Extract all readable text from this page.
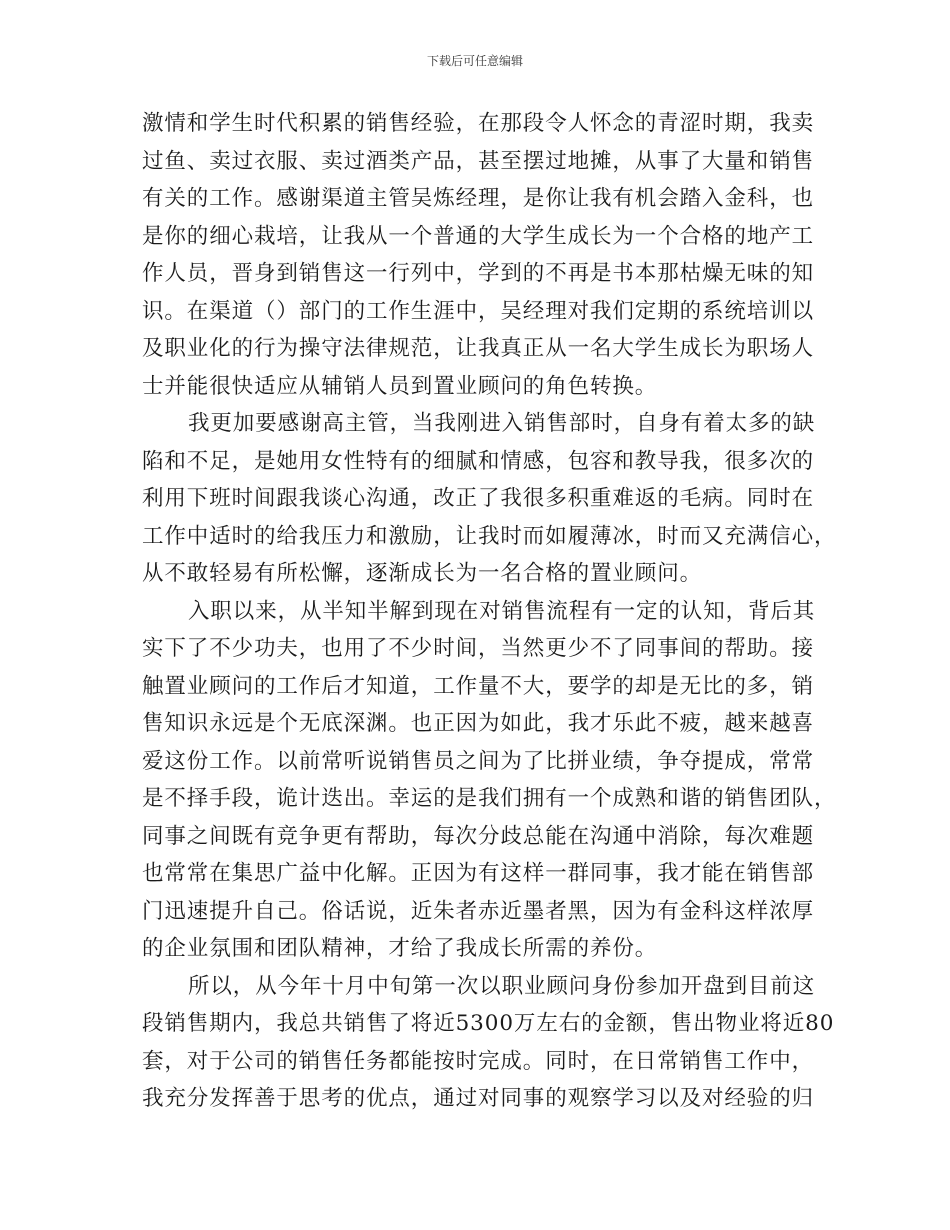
下载后可任意编辑
激情和学生时代积累的销售经验，在那段令人怀念的青涩时期，我卖
过鱼、卖过衣服、卖过酒类产品，甚至摆过地摊，从事了大量和销售
有关的工作。感谢渠道主管吴炼经理，是你让我有机会踏入金科，也
是你的细心栽培，让我从一个普通的大学生成长为一个合格的地产工
作人员，晋身到销售这一行列中，学到的不再是书本那枯燥无味的知
识。在渠道（）部门的工作生涯中，吴经理对我们定期的系统培训以
及职业化的行为操守法律规范，让我真正从一名大学生成长为职场人
士并能很快适应从辅销人员到置业顾问的角色转换。
我更加要感谢高主管，当我刚进入销售部时，自身有着太多的缺
陷和不足，是她用女性特有的细腻和情感，包容和教导我，很多次的
利用下班时间跟我谈心沟通，改正了我很多积重难返的毛病。同时在
工作中适时的给我压力和激励，让我时而如履薄冰，时而又充满信心，
从不敢轻易有所松懈，逐渐成长为一名合格的置业顾问。
入职以来，从半知半解到现在对销售流程有一定的认知，背后其
实下了不少功夫，也用了不少时间，当然更少不了同事间的帮助。接
触置业顾问的工作后才知道，工作量不大，要学的却是无比的多，销
售知识永远是个无底深渊。也正因为如此，我才乐此不疲，越来越喜
爱这份工作。以前常听说销售员之间为了比拼业绩，争夺提成，常常
是不择手段，诡计迭出。幸运的是我们拥有一个成熟和谐的销售团队，
同事之间既有竞争更有帮助，每次分歧总能在沟通中消除，每次难题
也常常在集思广益中化解。正因为有这样一群同事，我才能在销售部
门迅速提升自己。俗话说，近朱者赤近墨者黑，因为有金科这样浓厚
的企业氛围和团队精神，才给了我成长所需的养份。
所以，从今年十月中旬第一次以职业顾问身份参加开盘到目前这
段销售期内，我总共销售了将近5300万左右的金额，售出物业将近80
套，对于公司的销售任务都能按时完成。同时，在日常销售工作中，
我充分发挥善于思考的优点，通过对同事的观察学习以及对经验的归
